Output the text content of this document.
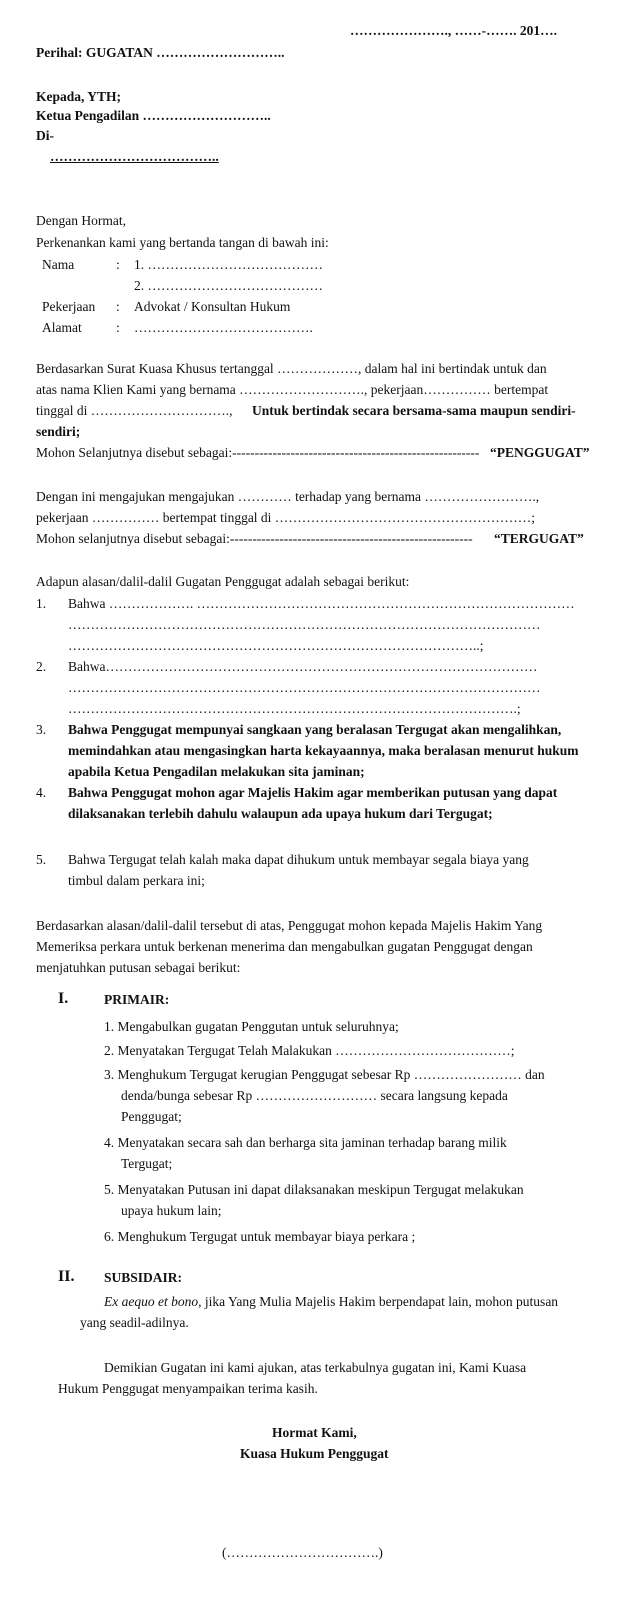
…………………., ……-……. 201….
Perihal: GUGATAN ………………………..
Kepada, YTH;
Ketua Pengadilan ………………………..
Di-
………………………………..
Dengan Hormat,
Perkenankan kami yang bertanda tangan di bawah ini:
Nama	: 1. …………………………………
2. …………………………………
Pekerjaan : Advokat / Konsultan Hukum
Alamat	: ………………………………….
Berdasarkan Surat Kuasa Khusus tertanggal ………………, dalam hal ini bertindak untuk dan
atas nama Klien Kami yang bernama ………………………., pekerjaan…………… bertempat
tinggal di …………………………., Untuk bertindak secara bersama-sama maupun sendiri-
sendiri;
Mohon Selanjutnya disebut sebagai:------------------------------------------------------- “PENGGUGAT”
Dengan ini mengajukan mengajukan ………… terhadap yang bernama …………………….,
pekerjaan …………… bertempat tinggal di …………………………………………………;
Mohon selanjutnya disebut sebagai:------------------------------------------------------ “TERGUGAT”
Adapun alasan/dalil-dalil Gugatan Penggugat adalah sebagai berikut:
1. Bahwa ………………. …………………………………………………………………………
……………………………………………………………………………………………
………………………………………………………………………………..;
2. Bahwa……………………………………………………………………………………
……………………………………………………………………………………………
……………………………………………………………………………………….;
3. Bahwa Penggugat mempunyai sangkaan yang beralasan Tergugat akan mengalihkan,
memindahkan atau mengasingkan harta kekayaannya, maka beralasan menurut hukum
apabila Ketua Pengadilan melakukan sita jaminan;
4. Bahwa Penggugat mohon agar Majelis Hakim agar memberikan putusan yang dapat
dilaksanakan terlebih dahulu walaupun ada upaya hukum dari Tergugat;
5. Bahwa Tergugat telah kalah maka dapat dihukum untuk membayar segala biaya yang
timbul dalam perkara ini;
Berdasarkan alasan/dalil-dalil tersebut di atas, Penggugat mohon kepada Majelis Hakim Yang
Memeriksa perkara untuk berkenan menerima dan mengabulkan gugatan Penggugat dengan
menjatuhkan putusan sebagai berikut:
I.	PRIMAIR:
1. Mengabulkan gugatan Penggutan untuk seluruhnya;
2. Menyatakan Tergugat Telah Malakukan …………………………………;
3. Menghukum Tergugat kerugian Penggugat sebesar Rp …………………… dan
denda/bunga sebesar Rp ……………………… secara langsung kepada
Penggugat;
4. Menyatakan secara sah dan berharga sita jaminan terhadap barang milik
Tergugat;
5. Menyatakan Putusan ini dapat dilaksanakan meskipun Tergugat melakukan
upaya hukum lain;
6. Menghukum Tergugat untuk membayar biaya perkara ;
II. SUBSIDAIR:
Ex aequo et bono, jika Yang Mulia Majelis Hakim berpendapat lain, mohon putusan
yang seadil-adilnya.
Demikian Gugatan ini kami ajukan, atas terkabulnya gugatan ini, Kami Kuasa
Hukum Penggugat menyampaikan terima kasih.
Hormat Kami,
Kuasa Hukum Penggugat
(…………………………….)
